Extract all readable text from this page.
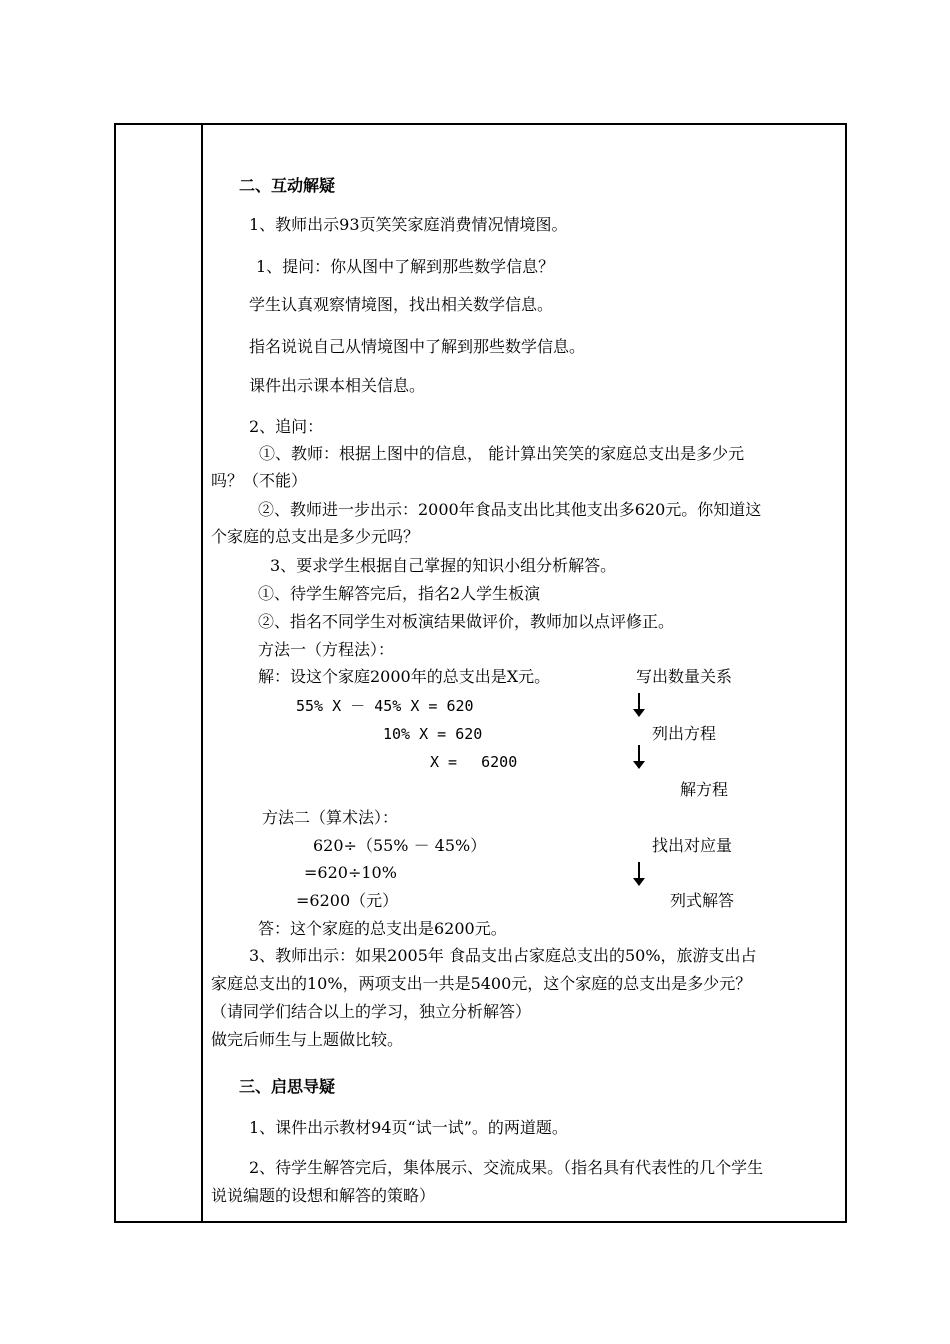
二、互动解疑
1、教师出示93页笑笑家庭消费情况情境图。
1、提问：你从图中了解到那些数学信息？
学生认真观察情境图，找出相关数学信息。
指名说说自己从情境图中了解到那些数学信息。
课件出示课本相关信息。
2、追问：
①、教师：根据上图中的信息， 能计算出笑笑的家庭总支出是多少元
吗？（不能）
②、教师进一步出示：2000年食品支出比其他支出多620元。你知道这
个家庭的总支出是多少元吗？
3、要求学生根据自己掌握的知识小组分析解答。
①、待学生解答完后，指名2人学生板演
②、指名不同学生对板演结果做评价，教师加以点评修正。
方法一（方程法）：
解：设这个家庭2000年的总支出是X元。
55% X － 45% X = 620
10% X = 620
X =　 6200
写出数量关系
列出方程
解方程
方法二（算术法）：
620÷（55% － 45%）
=620÷10%
=6200（元）
找出对应量
列式解答
答：这个家庭的总支出是6200元。
3、教师出示：如果2005年 食品支出占家庭总支出的50%，旅游支出占
家庭总支出的10%，两项支出一共是5400元，这个家庭的总支出是多少元？
（请同学们结合以上的学习，独立分析解答）
做完后师生与上题做比较。
三、启思导疑
1、课件出示教材94页“试一试”。的两道题。
2、待学生解答完后，集体展示、交流成果。（指名具有代表性的几个学生
说说编题的设想和解答的策略）
